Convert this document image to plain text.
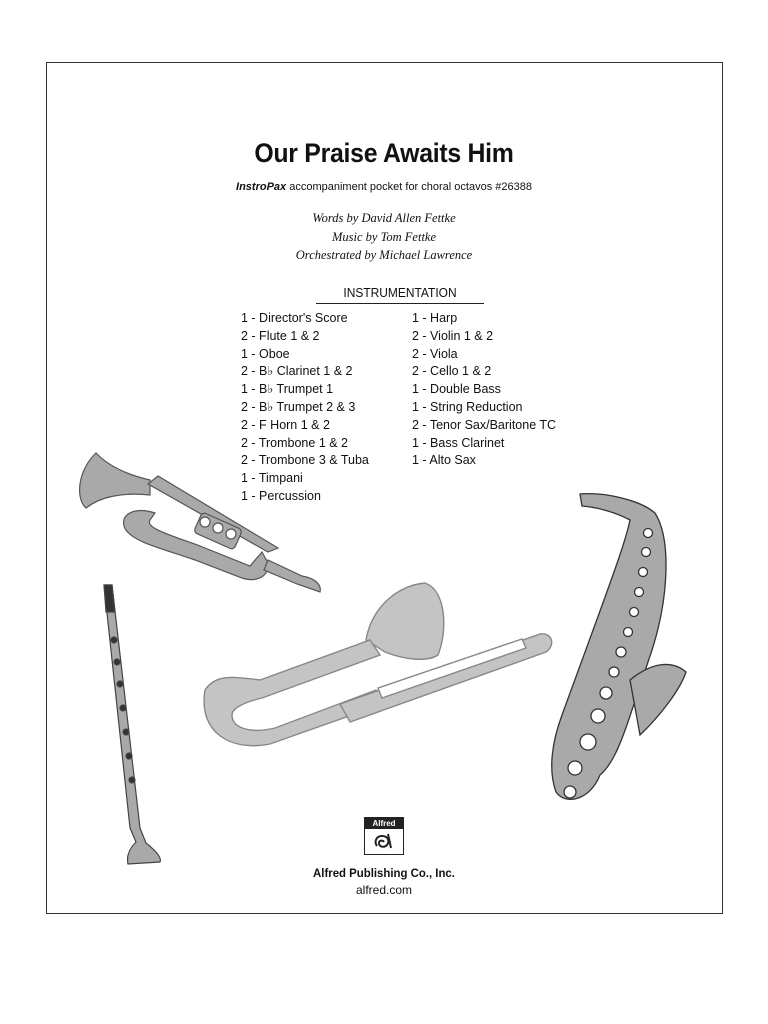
Our Praise Awaits Him
InstroPax accompaniment pocket for choral octavos #26388
Words by David Allen Fettke
Music by Tom Fettke
Orchestrated by Michael Lawrence
INSTRUMENTATION
1 - Director's Score
2 - Flute 1 & 2
1 - Oboe
2 - B♭ Clarinet 1 & 2
1 - B♭ Trumpet 1
2 - B♭ Trumpet 2 & 3
2 - F Horn 1 & 2
2 - Trombone 1 & 2
2 - Trombone 3 & Tuba
1 - Timpani
1 - Percussion
1 - Harp
2 - Violin 1 & 2
2 - Viola
2 - Cello 1 & 2
1 - Double Bass
1 - String Reduction
2 - Tenor Sax/Baritone TC
1 - Bass Clarinet
1 - Alto Sax
Alfred
Alfred Publishing Co., Inc.
alfred.com
